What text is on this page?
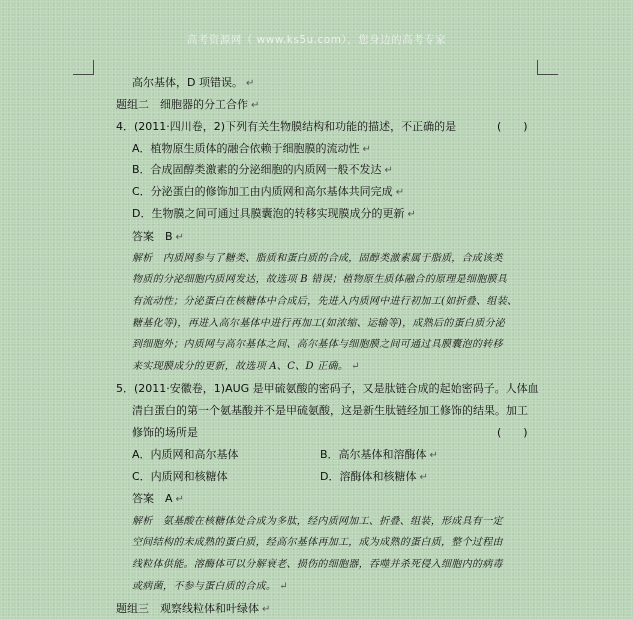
高考资源网（ www.ks5u.com），您身边的高考专家
高尔基体，D 项错误。 ↵
题组二　细胞器的分工合作 ↵
4．(2011·四川卷，2)下列有关生物膜结构和功能的描述，不正确的是	(　　)
A．植物原生质体的融合依赖于细胞膜的流动性 ↵
B．合成固醇类激素的分泌细胞的内质网一般不发达 ↵
C．分泌蛋白的修饰加工由内质网和高尔基体共同完成 ↵
D．生物膜之间可通过具膜囊泡的转移实现膜成分的更新 ↵
答案　B ↵
解析　内质网参与了糖类、脂质和蛋白质的合成，固醇类激素属于脂质，合成该类
物质的分泌细胞内质网发达，故选项 B 错误；植物原生质体融合的原理是细胞膜具
有流动性；分泌蛋白在核糖体中合成后，先进入内质网中进行初加工(如折叠、组装、
糖基化等)，再进入高尔基体中进行再加工(如浓缩、运输等)，成熟后的蛋白质分泌
到细胞外；内质网与高尔基体之间、高尔基体与细胞膜之间可通过具膜囊泡的转移
来实现膜成分的更新，故选项 A、C、D 正确。 ↵
5．(2011·安徽卷，1)AUG 是甲硫氨酸的密码子，又是肽链合成的起始密码子。人体血
清白蛋白的第一个氨基酸并不是甲硫氨酸，这是新生肽链经加工修饰的结果。加工
修饰的场所是	(　　)
A．内质网和高尔基体	B．高尔基体和溶酶体 ↵
C．内质网和核糖体	D．溶酶体和核糖体 ↵
答案　A ↵
解析　氨基酸在核糖体处合成为多肽，经内质网加工、折叠、组装，形成具有一定
空间结构的未成熟的蛋白质，经高尔基体再加工，成为成熟的蛋白质，整个过程由
线粒体供能。溶酶体可以分解衰老、损伤的细胞器，吞噬并杀死侵入细胞内的病毒
或病菌，不参与蛋白质的合成。 ↵
题组三　观察线粒体和叶绿体 ↵
